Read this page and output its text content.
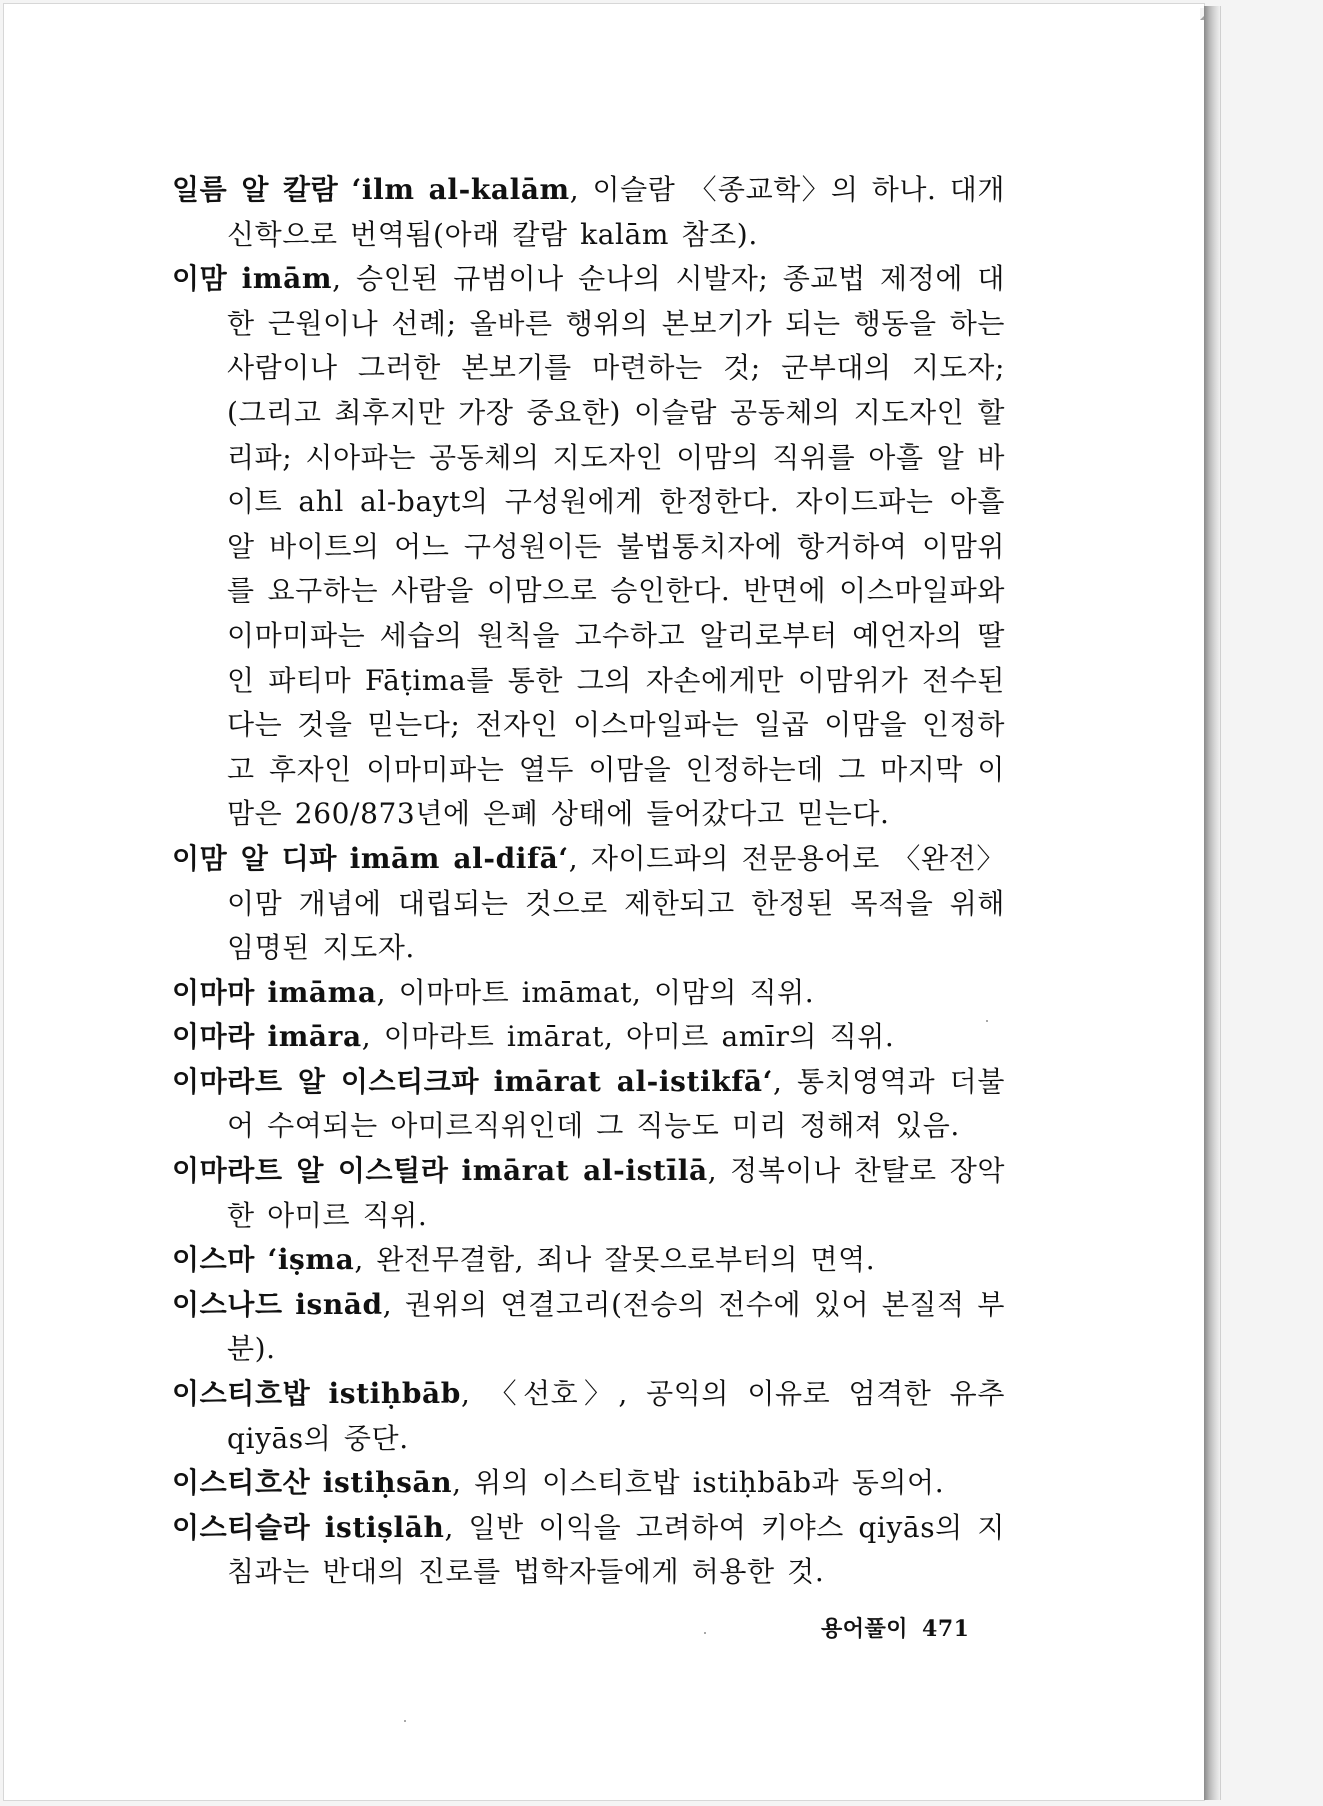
일름 알 칼람 ‘ilm al-kalām, 이슬람 〈종교학〉의 하나. 대개 신학으로 번역됨(아래 칼람 kalām 참조).

이맘 imām, 승인된 규범이나 순나의 시발자; 종교법 제정에 대한 근원이나 선례; 올바른 행위의 본보기가 되는 행동을 하는 사람이나 그러한 본보기를 마련하는 것; 군부대의 지도자; (그리고 최후지만 가장 중요한) 이슬람 공동체의 지도자인 할리파; 시아파는 공동체의 지도자인 이맘의 직위를 아흘 알 바이트 ahl al-bayt의 구성원에게 한정한다. 자이드파는 아흘 알 바이트의 어느 구성원이든 불법통치자에 항거하여 이맘위를 요구하는 사람을 이맘으로 승인한다. 반면에 이스마일파와 이마미파는 세습의 원칙을 고수하고 알리로부터 예언자의 딸인 파티마 Fāṭima를 통한 그의 자손에게만 이맘위가 전수된다는 것을 믿는다; 전자인 이스마일파는 일곱 이맘을 인정하고 후자인 이마미파는 열두 이맘을 인정하는데 그 마지막 이맘은 260/873년에 은폐 상태에 들어갔다고 믿는다.

이맘 알 디파 imām al-difā‘, 자이드파의 전문용어로 〈완전〉 이맘 개념에 대립되는 것으로 제한되고 한정된 목적을 위해 임명된 지도자.

이마마 imāma, 이마마트 imāmat, 이맘의 직위.

이마라 imāra, 이마라트 imārat, 아미르 amīr의 직위.

이마라트 알 이스티크파 imārat al-istikfā‘, 통치영역과 더불어 수여되는 아미르직위인데 그 직능도 미리 정해져 있음.

이마라트 알 이스틸라 imārat al-istīlā, 정복이나 찬탈로 장악한 아미르 직위.

이스마 ‘iṣma, 완전무결함, 죄나 잘못으로부터의 면역.

이스나드 isnād, 권위의 연결고리(전승의 전수에 있어 본질적 부분).

이스티흐밥 istiḥbāb, 〈선호〉, 공익의 이유로 엄격한 유추 qiyās의 중단.

이스티흐산 istiḥsān, 위의 이스티흐밥 istiḥbāb과 동의어.

이스티슬라 istiṣlāh, 일반 이익을 고려하여 키야스 qiyās의 지침과는 반대의 진로를 법학자들에게 허용한 것.

용어풀이 471
